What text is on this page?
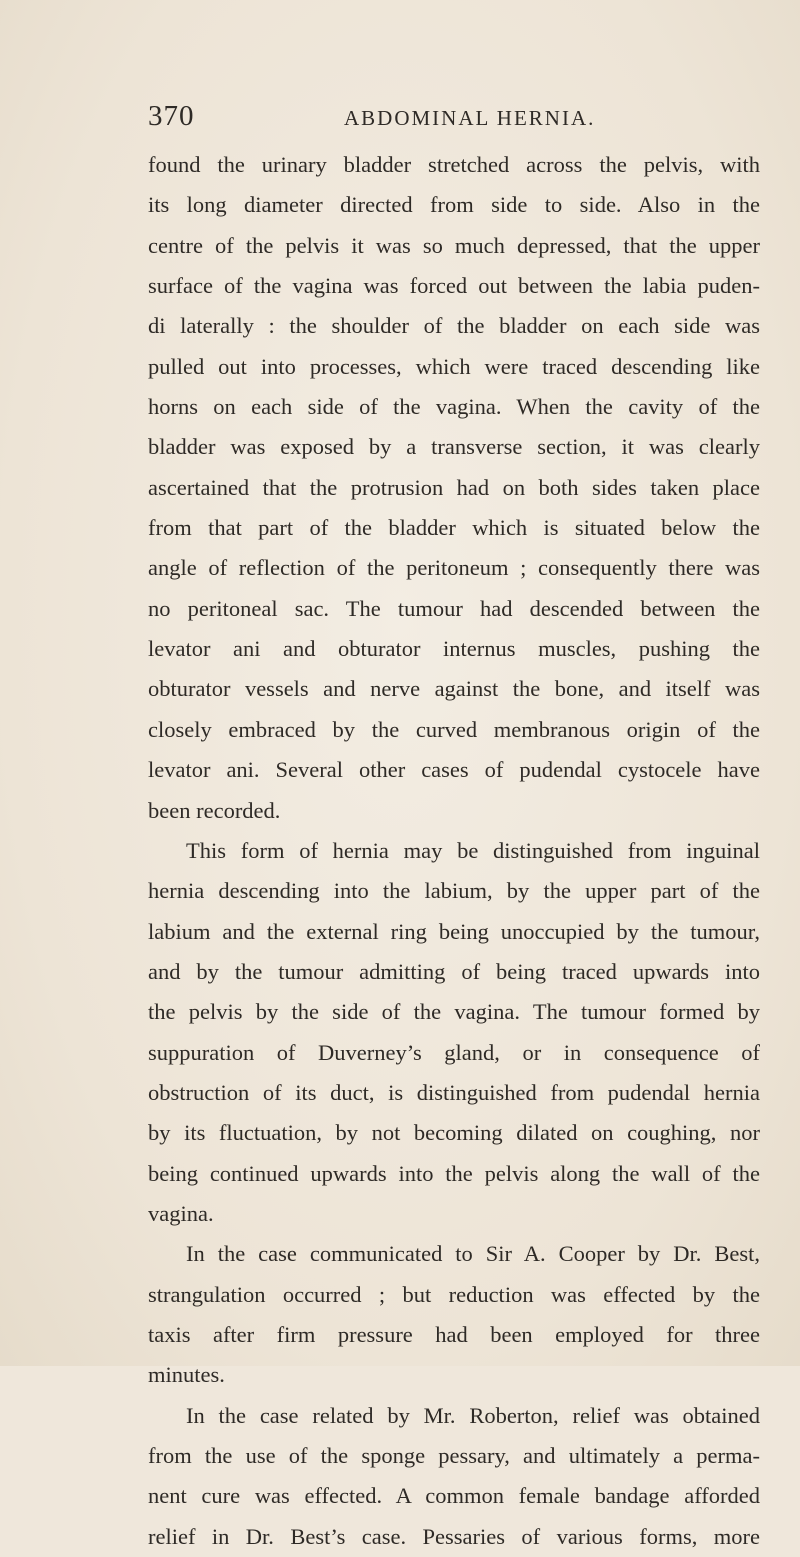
370	ABDOMINAL HERNIA.
found the urinary bladder stretched across the pelvis, with
its long diameter directed from side to side. Also in the
centre of the pelvis it was so much depressed, that the upper
surface of the vagina was forced out between the labia puden-
di laterally : the shoulder of the bladder on each side was
pulled out into processes, which were traced descending like
horns on each side of the vagina. When the cavity of the
bladder was exposed by a transverse section, it was clearly
ascertained that the protrusion had on both sides taken place
from that part of the bladder which is situated below the
angle of reflection of the peritoneum ; consequently there was
no peritoneal sac. The tumour had descended between the
levator ani and obturator internus muscles, pushing the
obturator vessels and nerve against the bone, and itself was
closely embraced by the curved membranous origin of the
levator ani. Several other cases of pudendal cystocele have
been recorded.
This form of hernia may be distinguished from inguinal
hernia descending into the labium, by the upper part of the
labium and the external ring being unoccupied by the tumour,
and by the tumour admitting of being traced upwards into
the pelvis by the side of the vagina. The tumour formed by
suppuration of Duverney’s gland, or in consequence of
obstruction of its duct, is distinguished from pudendal hernia
by its fluctuation, by not becoming dilated on coughing, nor
being continued upwards into the pelvis along the wall of the
vagina.
In the case communicated to Sir A. Cooper by Dr. Best,
strangulation occurred ; but reduction was effected by the
taxis after firm pressure had been employed for three
minutes.
In the case related by Mr. Roberton, relief was obtained
from the use of the sponge pessary, and ultimately a perma-
nent cure was effected. A common female bandage afforded
relief in Dr. Best’s case. Pessaries of various forms, more
